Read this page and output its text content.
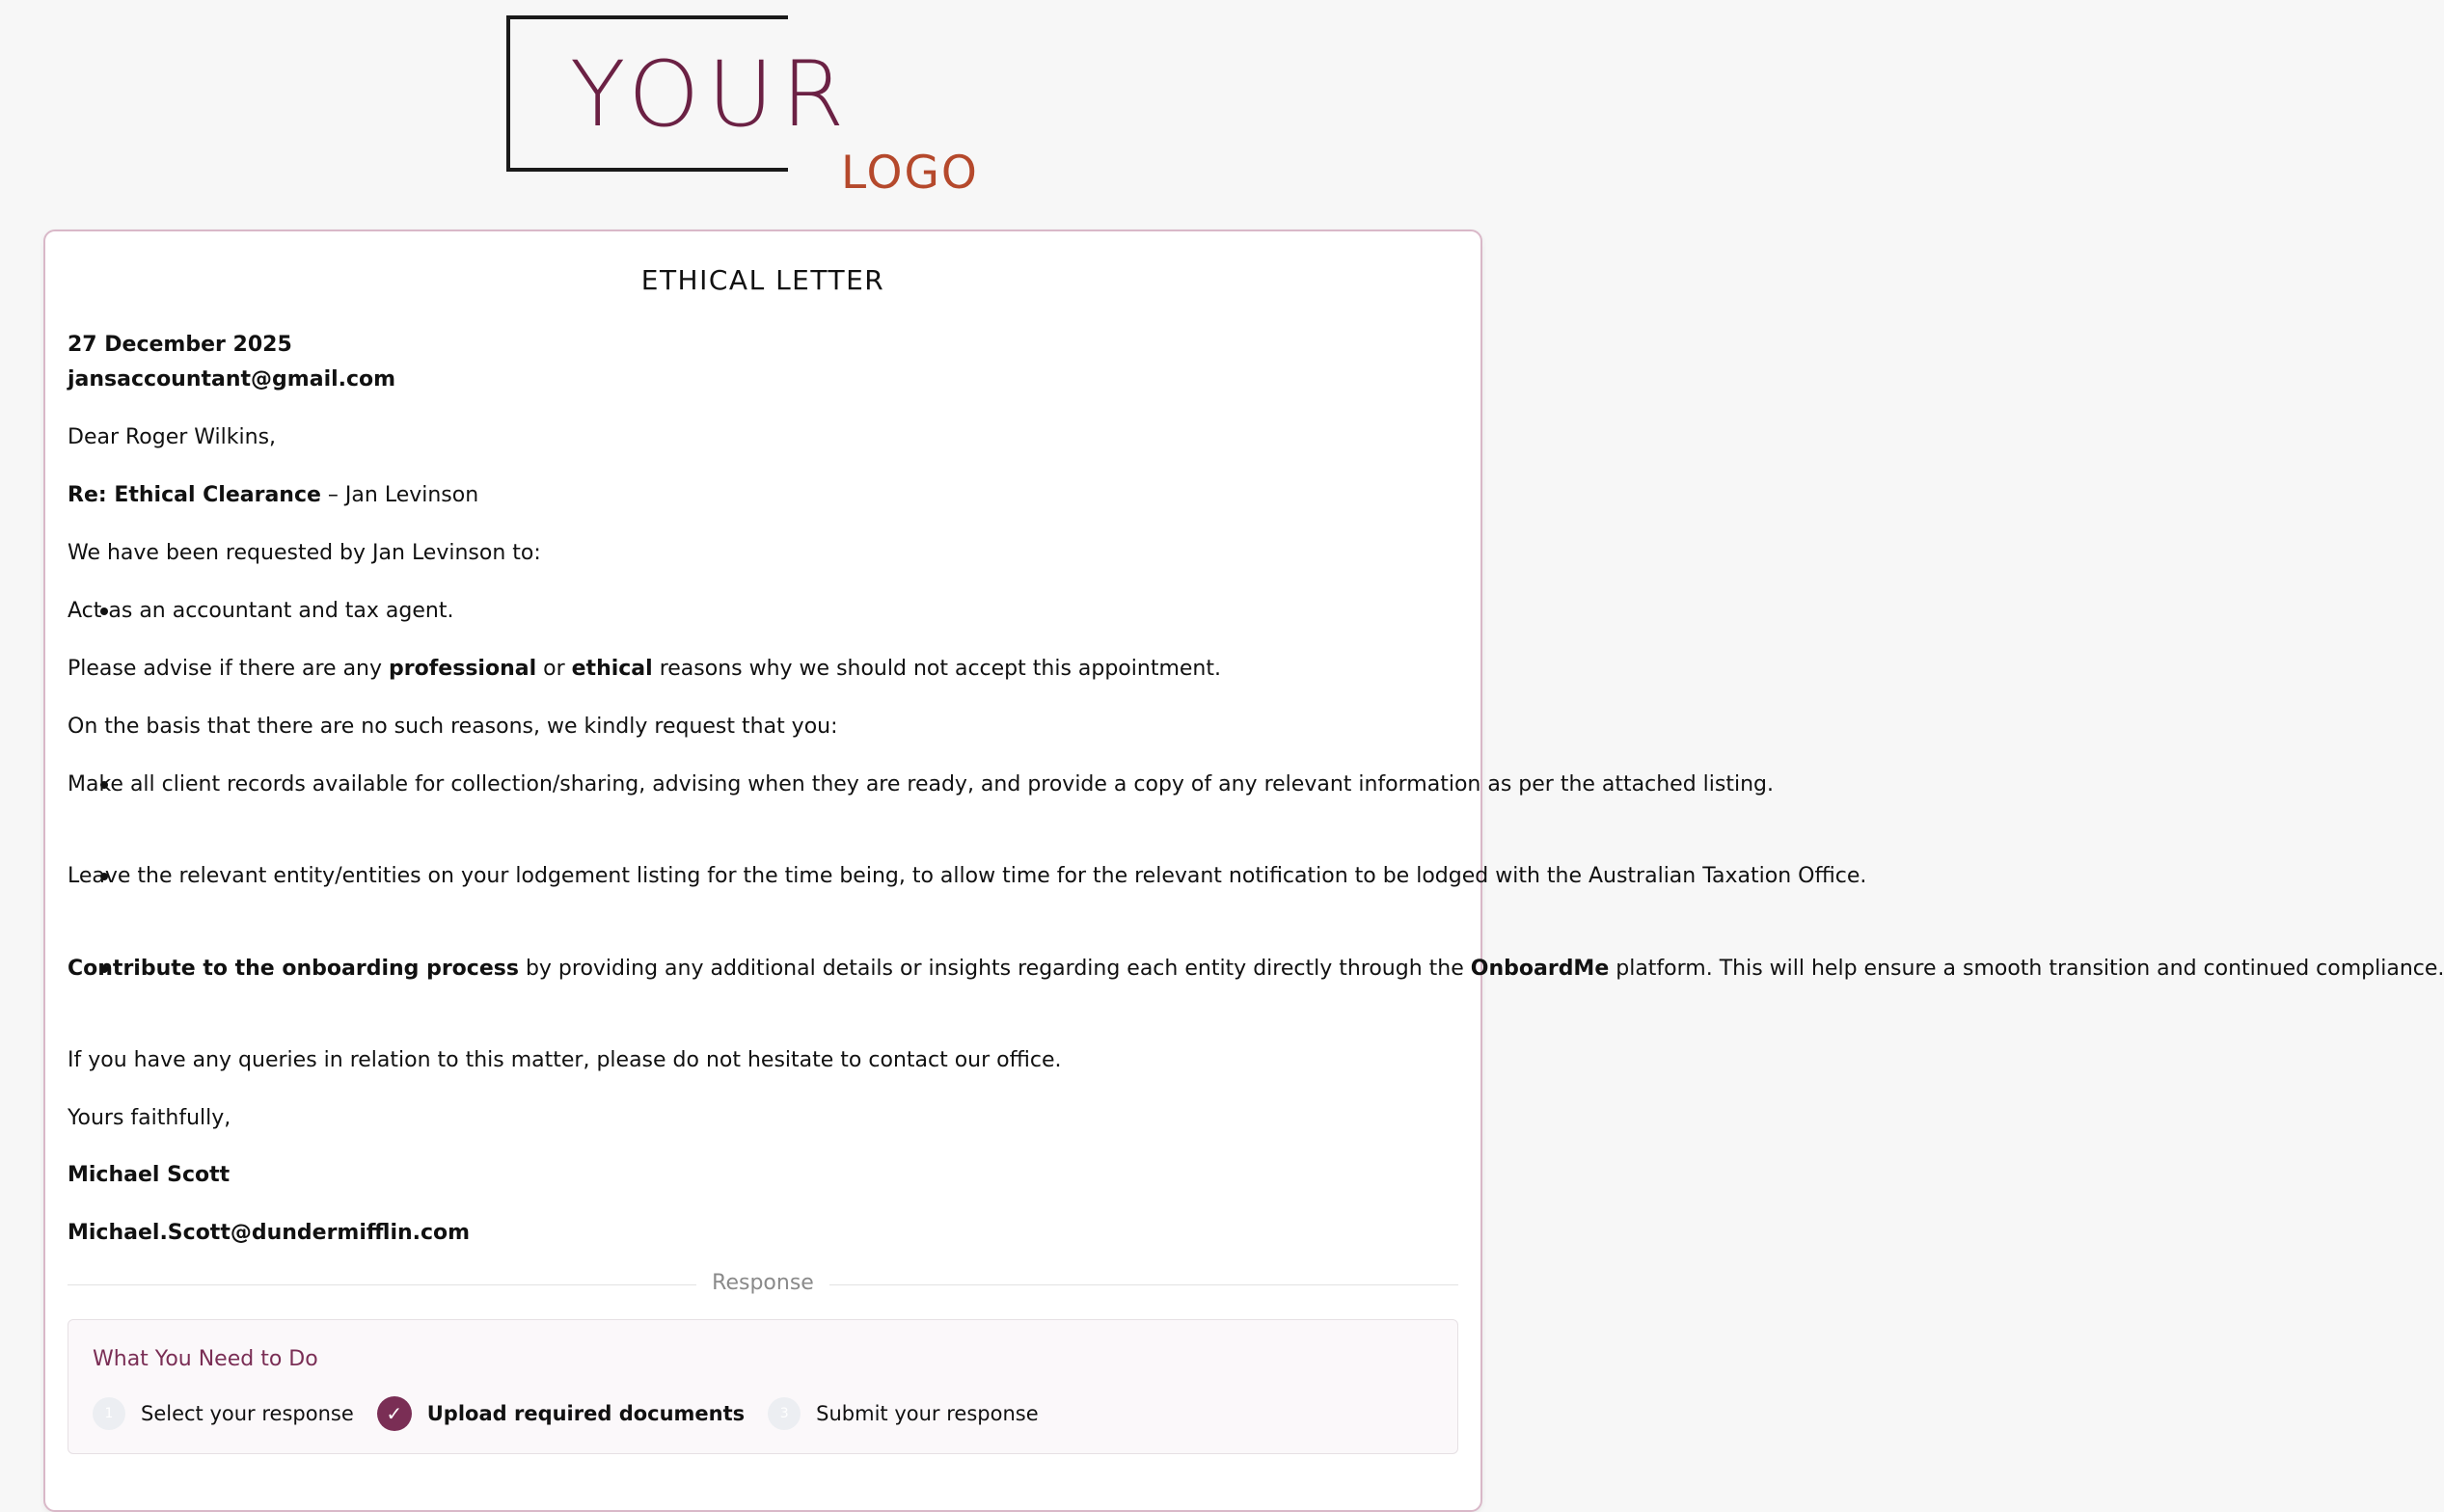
YOUR
LOGO
ETHICAL LETTER

27 December 2025

jansaccountant@gmail.com

Dear Roger Wilkins,

Re: Ethical Clearance – Jan Levinson

We have been requested by Jan Levinson to:

Act as an accountant and tax agent.

Please advise if there are any professional or ethical reasons why we should not accept this appointment.

On the basis that there are no such reasons, we kindly request that you:

Make all client records available for collection/sharing, advising when they are ready, and provide a copy of any relevant information as per the attached listing.

Leave the relevant entity/entities on your lodgement listing for the time being, to allow time for the relevant notification to be lodged with the Australian Taxation Office.

Contribute to the onboarding process by providing any additional details or insights regarding each entity directly through the OnboardMe platform. This will help ensure a smooth transition and continued compliance.

If you have any queries in relation to this matter, please do not hesitate to contact our office.

Yours faithfully,

Michael Scott

Michael.Scott@dundermifflin.com

Response
What You Need to Do
1	Select your response	✓	Upload required documents	3	Submit your response
